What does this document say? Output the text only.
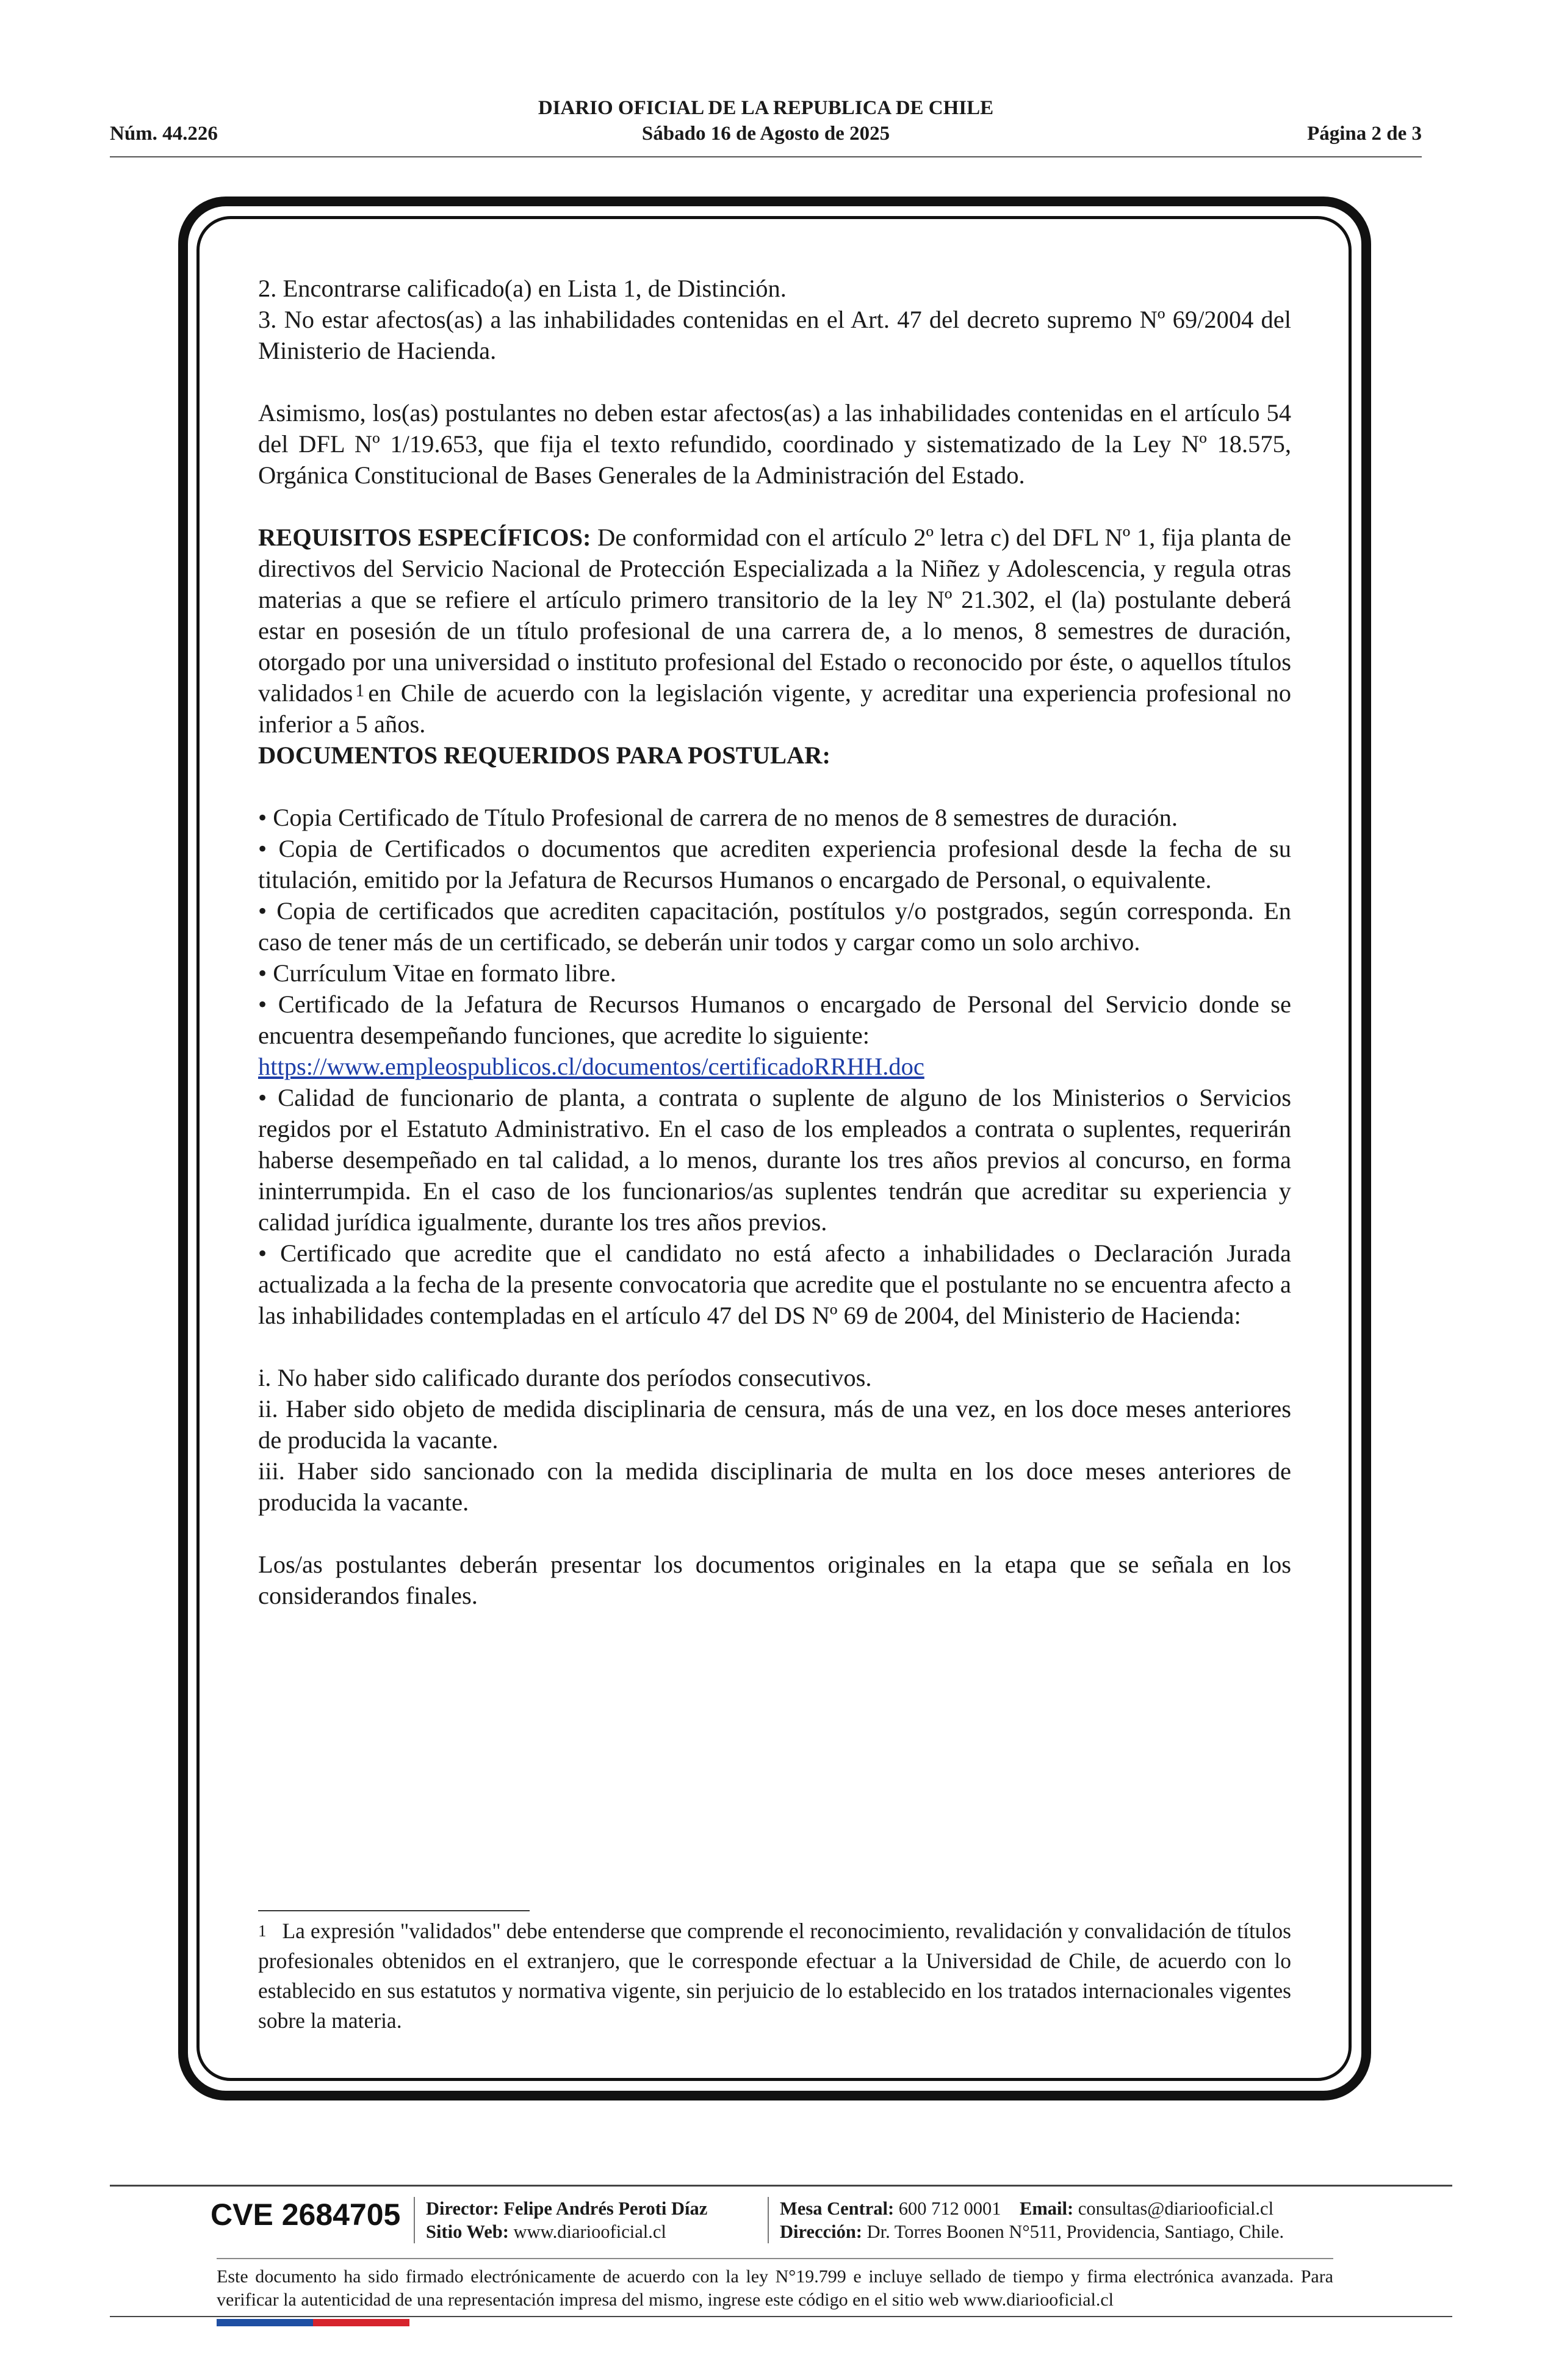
DIARIO OFICIAL DE LA REPUBLICA DE CHILE
Sábado 16 de Agosto de 2025
Núm. 44.226	Página 2 de 3

2. Encontrarse calificado(a) en Lista 1, de Distinción.

3. No estar afectos(as) a las inhabilidades contenidas en el Art. 47 del decreto supremo Nº 69/2004 del Ministerio de Hacienda.

Asimismo, los(as) postulantes no deben estar afectos(as) a las inhabilidades contenidas en el artículo 54 del DFL Nº 1/19.653, que fija el texto refundido, coordinado y sistematizado de la Ley Nº 18.575, Orgánica Constitucional de Bases Generales de la Administración del Estado.

REQUISITOS ESPECÍFICOS: De conformidad con el artículo 2º letra c) del DFL Nº 1, fija planta de directivos del Servicio Nacional de Protección Especializada a la Niñez y Adolescencia, y regula otras materias a que se refiere el artículo primero transitorio de la ley Nº 21.302, el (la) postulante deberá estar en posesión de un título profesional de una carrera de, a lo menos, 8 semestres de duración, otorgado por una universidad o instituto profesional del Estado o reconocido por éste, o aquellos títulos validados $^1$ en Chile de acuerdo con la legislación vigente, y acreditar una experiencia profesional no inferior a 5 años.

DOCUMENTOS REQUERIDOS PARA POSTULAR:

• Copia Certificado de Título Profesional de carrera de no menos de 8 semestres de duración.

• Copia de Certificados o documentos que acrediten experiencia profesional desde la fecha de su titulación, emitido por la Jefatura de Recursos Humanos o encargado de Personal, o equivalente.

• Copia de certificados que acrediten capacitación, postítulos y/o postgrados, según corresponda. En caso de tener más de un certificado, se deberán unir todos y cargar como un solo archivo.

• Currículum Vitae en formato libre.

• Certificado de la Jefatura de Recursos Humanos o encargado de Personal del Servicio donde se encuentra desempeñando funciones, que acredite lo siguiente:

https://www.empleospublicos.cl/documentos/certificadoRRHH.doc

• Calidad de funcionario de planta, a contrata o suplente de alguno de los Ministerios o Servicios regidos por el Estatuto Administrativo. En el caso de los empleados a contrata o suplentes, requerirán haberse desempeñado en tal calidad, a lo menos, durante los tres años previos al concurso, en forma ininterrumpida. En el caso de los funcionarios/as suplentes tendrán que acreditar su experiencia y calidad jurídica igualmente, durante los tres años previos.

• Certificado que acredite que el candidato no está afecto a inhabilidades o Declaración Jurada actualizada a la fecha de la presente convocatoria que acredite que el postulante no se encuentra afecto a las inhabilidades contempladas en el artículo 47 del DS Nº 69 de 2004, del Ministerio de Hacienda:

i. No haber sido calificado durante dos períodos consecutivos.

ii. Haber sido objeto de medida disciplinaria de censura, más de una vez, en los doce meses anteriores de producida la vacante.

iii. Haber sido sancionado con la medida disciplinaria de multa en los doce meses anteriores de producida la vacante.

Los/as postulantes deberán presentar los documentos originales en la etapa que se señala en los considerandos finales.

$^1$ La expresión "validados" debe entenderse que comprende el reconocimiento, revalidación y convalidación de títulos profesionales obtenidos en el extranjero, que le corresponde efectuar a la Universidad de Chile, de acuerdo con lo establecido en sus estatutos y normativa vigente, sin perjuicio de lo establecido en los tratados internacionales vigentes sobre la materia.

CVE 2684705 Director: Felipe Andrés Peroti Díaz
Sitio Web: www.diariooficial.cl
Mesa Central: 600 712 0001 Email: consultas@diariooficial.cl
Dirección: Dr. Torres Boonen N°511, Providencia, Santiago, Chile.

Este documento ha sido firmado electrónicamente de acuerdo con la ley N°19.799 e incluye sellado de tiempo y firma electrónica avanzada. Para verificar la autenticidad de una representación impresa del mismo, ingrese este código en el sitio web www.diariooficial.cl
